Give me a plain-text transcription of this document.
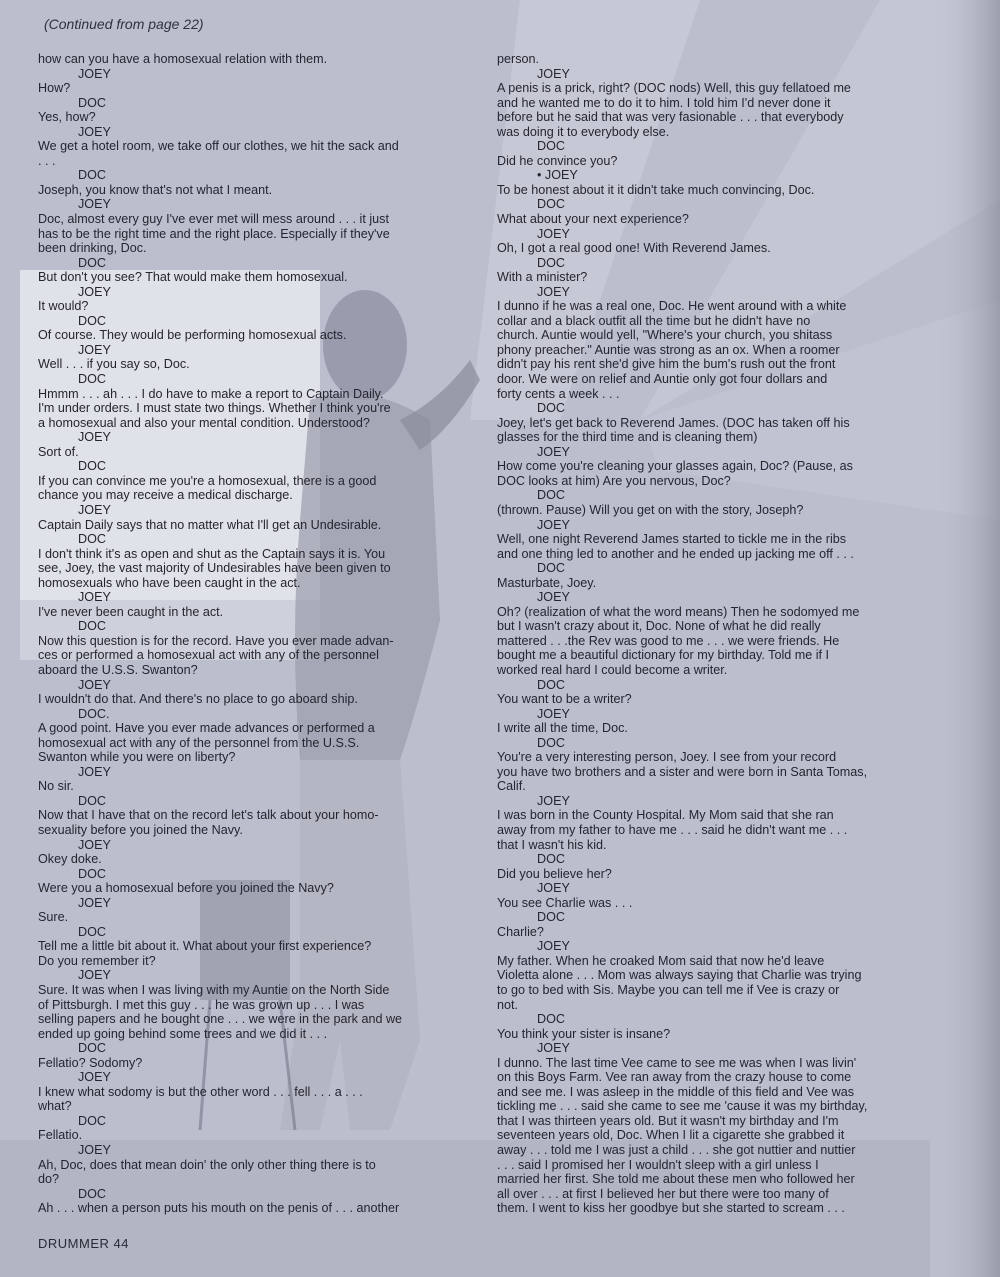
(Continued from page 22)
how can you have a homosexual relation with them.
JOEY
How?
DOC
Yes, how?
JOEY
We get a hotel room, we take off our clothes, we hit the sack and
. . .
DOC
Joseph, you know that's not what I meant.
JOEY
Doc, almost every guy I've ever met will mess around . . . it just
has to be the right time and the right place. Especially if they've
been drinking, Doc.
DOC
But don't you see? That would make them homosexual.
JOEY
It would?
DOC
Of course. They would be performing homosexual acts.
JOEY
Well . . . if you say so, Doc.
DOC
Hmmm . . . ah . . . I do have to make a report to Captain Daily.
I'm under orders. I must state two things. Whether I think you're
a homosexual and also your mental condition. Understood?
JOEY
Sort of.
DOC
If you can convince me you're a homosexual, there is a good
chance you may receive a medical discharge.
JOEY
Captain Daily says that no matter what I'll get an Undesirable.
DOC
I don't think it's as open and shut as the Captain says it is. You
see, Joey, the vast majority of Undesirables have been given to
homosexuals who have been caught in the act.
JOEY
I've never been caught in the act.
DOC
Now this question is for the record. Have you ever made advan-
ces or performed a homosexual act with any of the personnel
aboard the U.S.S. Swanton?
JOEY
I wouldn't do that. And there's no place to go aboard ship.
DOC.
A good point. Have you ever made advances or performed a
homosexual act with any of the personnel from the U.S.S.
Swanton while you were on liberty?
JOEY
No sir.
DOC
Now that I have that on the record let's talk about your homo-
sexuality before you joined the Navy.
JOEY
Okey doke.
DOC
Were you a homosexual before you joined the Navy?
JOEY
Sure.
DOC
Tell me a little bit about it. What about your first experience?
Do you remember it?
JOEY
Sure. It was when I was living with my Auntie on the North Side
of Pittsburgh. I met this guy . . . he was grown up . . . I was
selling papers and he bought one . . . we were in the park and we
ended up going behind some trees and we did it . . .
DOC
Fellatio? Sodomy?
JOEY
I knew what sodomy is but the other word . . . fell . . . a . . .
what?
DOC
Fellatio.
JOEY
Ah, Doc, does that mean doin' the only other thing there is to
do?
DOC
Ah . . . when a person puts his mouth on the penis of . . . another
person.
JOEY
A penis is a prick, right? (DOC nods) Well, this guy fellatoed me
and he wanted me to do it to him. I told him I'd never done it
before but he said that was very fasionable . . . that everybody
was doing it to everybody else.
DOC
Did he convince you?
• JOEY
To be honest about it it didn't take much convincing, Doc.
DOC
What about your next experience?
JOEY
Oh, I got a real good one! With Reverend James.
DOC
With a minister?
JOEY
I dunno if he was a real one, Doc. He went around with a white
collar and a black outfit all the time but he didn't have no
church. Auntie would yell, "Where's your church, you shitass
phony preacher." Auntie was strong as an ox. When a roomer
didn't pay his rent she'd give him the bum's rush out the front
door. We were on relief and Auntie only got four dollars and
forty cents a week . . .
DOC
Joey, let's get back to Reverend James. (DOC has taken off his
glasses for the third time and is cleaning them)
JOEY
How come you're cleaning your glasses again, Doc? (Pause, as
DOC looks at him) Are you nervous, Doc?
DOC
(thrown. Pause) Will you get on with the story, Joseph?
JOEY
Well, one night Reverend James started to tickle me in the ribs
and one thing led to another and he ended up jacking me off . . .
DOC
Masturbate, Joey.
JOEY
Oh? (realization of what the word means) Then he sodomyed me
but I wasn't crazy about it, Doc. None of what he did really
mattered . . .the Rev was good to me . . . we were friends. He
bought me a beautiful dictionary for my birthday. Told me if I
worked real hard I could become a writer.
DOC
You want to be a writer?
JOEY
I write all the time, Doc.
DOC
You're a very interesting person, Joey. I see from your record
you have two brothers and a sister and were born in Santa Tomas,
Calif.
JOEY
I was born in the County Hospital. My Mom said that she ran
away from my father to have me . . . said he didn't want me . . .
that I wasn't his kid.
DOC
Did you believe her?
JOEY
You see Charlie was . . .
DOC
Charlie?
JOEY
My father. When he croaked Mom said that now he'd leave
Violetta alone . . . Mom was always saying that Charlie was trying
to go to bed with Sis. Maybe you can tell me if Vee is crazy or
not.
DOC
You think your sister is insane?
JOEY
I dunno. The last time Vee came to see me was when I was livin'
on this Boys Farm. Vee ran away from the crazy house to come
and see me. I was asleep in the middle of this field and Vee was
tickling me . . . said she came to see me 'cause it was my birthday,
that I was thirteen years old. But it wasn't my birthday and I'm
seventeen years old, Doc. When I lit a cigarette she grabbed it
away . . . told me I was just a child . . . she got nuttier and nuttier
. . . said I promised her I wouldn't sleep with a girl unless I
married her first. She told me about these men who followed her
all over . . . at first I believed her but there were too many of
them. I went to kiss her goodbye but she started to scream . . .
DRUMMER 44
